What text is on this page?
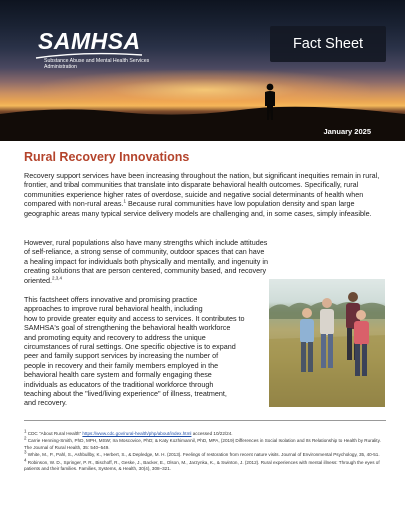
SAMHSA
Substance Abuse and Mental Health Services Administration
Fact Sheet
January 2025
Rural Recovery Innovations
Recovery support services have been increasing throughout the nation, but significant inequities remain in rural, frontier, and tribal communities that translate into disparate behavioral health outcomes. Specifically, rural communities experience higher rates of overdose, suicide and negative social determinants of health when compared with non-rural areas.$^1$ Because rural communities have low population density and span large geographic areas many typical service delivery models are challenging and, in some cases, simply infeasible.
However, rural populations also have many strengths which include attitudes of self-reliance, a strong sense of community, outdoor spaces that can have a healing impact for individuals both physically and mentally, and ingenuity in creating solutions that are person centered, community based, and recovery oriented.$^{2,3,4}$
This factsheet offers innovative and promising practice
approaches to improve rural behavioral health, including
how to provide greater equity and access to services. It contributes to
SAMHSA's goal of strengthening the behavioral health workforce
and promoting equity and recovery to address the unique
circumstances of rural settings. One specific objective is to expand
peer and family support services by increasing the number of
people in recovery and their family members employed in the
behavioral health care system and formally engaging these
individuals as educators of the traditional workforce through
teaching about the "lived/living experience" of illness, treatment,
and recovery.
$^1$ CDC "About Rural Health" https://www.cdc.gov/rural-health/php/about/index.html accessed 10/22/24.
$^2$ Carrie Henning-Smith, PhD, MPH, MSW; Ira Moscovice, PhD; & Katy Kozhimannil, PhD, MPA, (2019) Differences in Social Isolation and Its Relationship to Health by Rurality. The Journal of Rural Health, 35: 540–549.
$^3$ White, M., P., Pahl, S., Ashbullby, K., Herbert, S., & Depledge, M. H. (2013). Feelings of restoration from recent nature visits. Journal of Environmental Psychology, 35, 40-51.
$^4$ Robinson, W. D., Springer, P. R., Bischoff, R., Geske, J., Backer, E., Olson, M., Jarzynka, K., & Swinton, J. (2012). Rural experiences with mental illness: Through the eyes of patients and their families. Families, Systems, & Health, 30(4), 308–321.
